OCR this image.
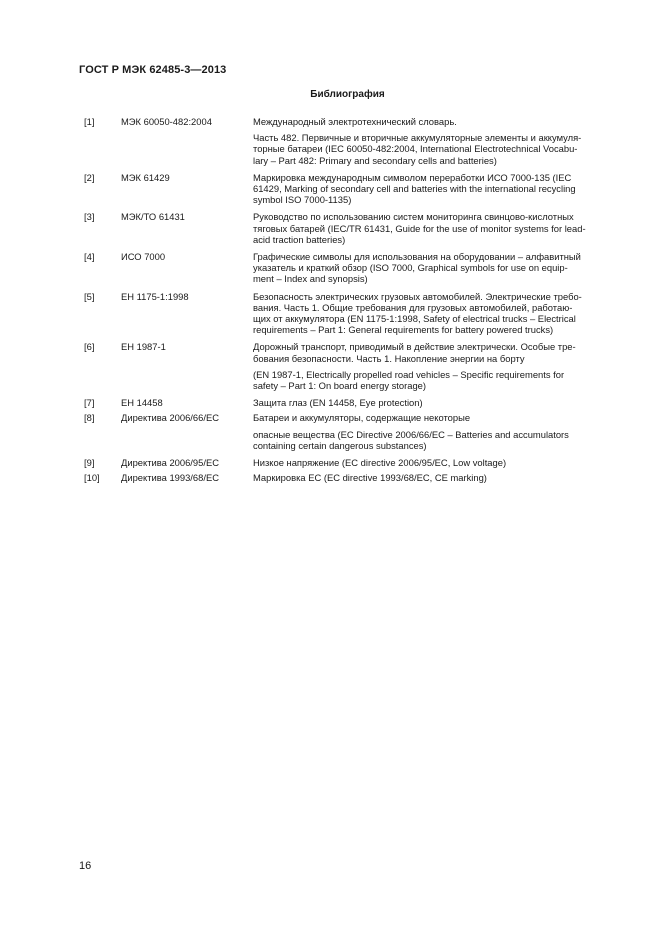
ГОСТ Р МЭК 62485-3—2013
Библиография
[1]	МЭК 60050-482:2004	Международный электротехнический словарь.

Часть 482. Первичные и вторичные аккумуляторные элементы и аккумуля-
торные батареи (IEC 60050-482:2004, International Electrotechnical Vocabu-
lary – Part 482: Primary and secondary cells and batteries)

[2]	МЭК 61429	Маркировка международным символом переработки ИСО 7000-135 (IEC
61429, Marking of secondary cell and batteries with the international recycling
symbol ISO 7000-1135)

[3]	МЭК/ТО 61431	Руководство по использованию систем мониторинга свинцово-кислотных
тяговых батарей (IEC/TR 61431, Guide for the use of monitor systems for lead-
acid traction batteries)

[4]	ИСО 7000	Графические символы для использования на оборудовании – алфавитный
указатель и краткий обзор (ISO 7000, Graphical symbols for use on equip-
ment – Index and synopsis)

[5]	ЕН 1175-1:1998	Безопасность электрических грузовых автомобилей. Электрические требо-
вания. Часть 1. Общие требования для грузовых автомобилей, работаю-
щих от аккумулятора (EN 1175-1:1998, Safety of electrical trucks – Electrical
requirements – Part 1: General requirements for battery powered trucks)

[6]	ЕН 1987-1	Дорожный транспорт, приводимый в действие электрически. Особые тре-
бования безопасности. Часть 1. Накопление энергии на борту

(EN 1987-1, Electrically propelled road vehicles – Specific requirements for
safety – Part 1: On board energy storage)

[7]	ЕН 14458	Защита глаз (EN 14458, Eye protection)

[8]	Директива 2006/66/ЕС	Батареи и аккумуляторы, содержащие некоторые

опасные вещества (EC Directive 2006/66/EC – Batteries and accumulators
containing certain dangerous substances)

[9]	Директива 2006/95/ЕС	Низкое напряжение (EC directive 2006/95/EC, Low voltage)

[10]	Директива 1993/68/ЕС	Маркировка ЕС (EC directive 1993/68/EC, CE marking)

16
